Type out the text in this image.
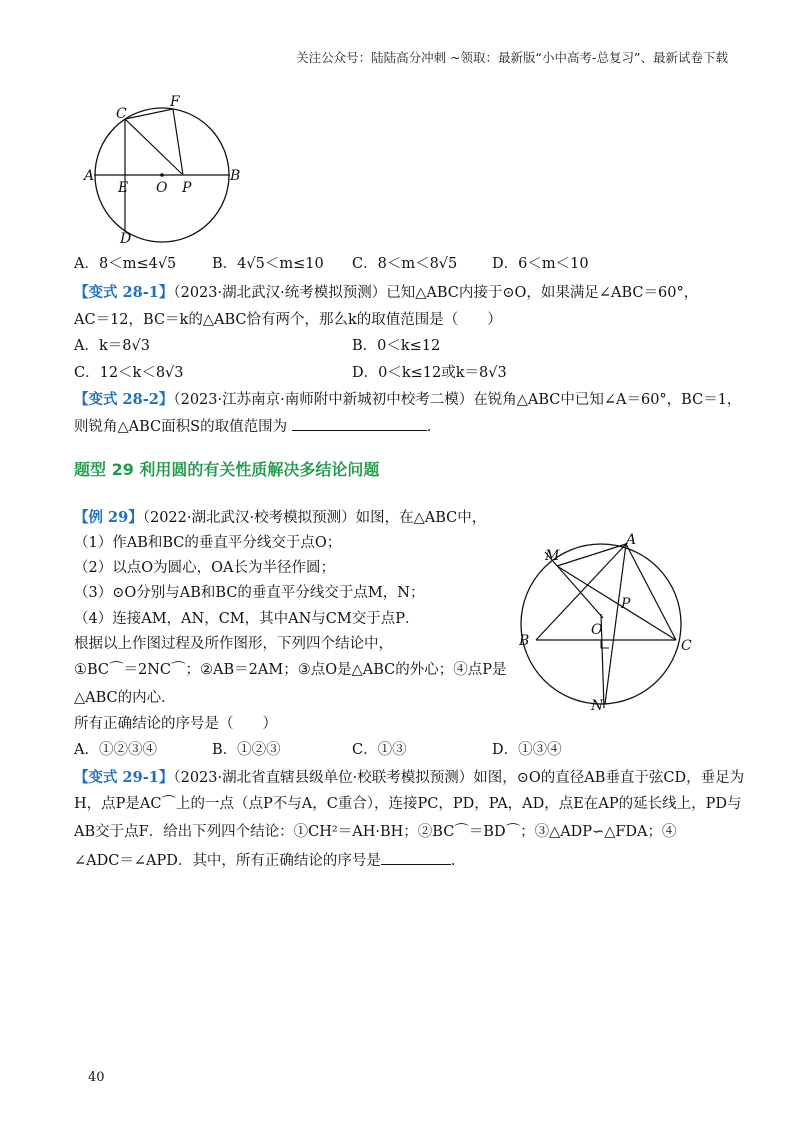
关注公众号：陆陆高分冲刺 ~领取：最新版“小中高考-总复习”、最新试卷下载
C
F
A
E O P
B
D
A．8＜m≤4√5 B．4√5＜m≤10 C．8＜m＜8√5 D．6＜m＜10
【变式 28-1】（2023·湖北武汉·统考模拟预测）已知△ABC内接于⊙O，如果满足∠ABC＝60°，
AC＝12，BC＝k的△ABC恰有两个，那么k的取值范围是（　　）
A．k＝8√3	B．0＜k≤12
C．12＜k＜8√3	D．0＜k≤12或k＝8√3
【变式 28-2】（2023·江苏南京·南师附中新城初中校考二模）在锐角△ABC中已知∠A＝60°，BC＝1，
则锐角△ABC面积S的取值范围为	.
题型 29 利用圆的有关性质解决多结论问题
【例 29】（2022·湖北武汉·校考模拟预测）如图，在△ABC中，
（1）作AB和BC的垂直平分线交于点O；
（2）以点O为圆心，OA长为半径作圆；
（3）⊙O分别与AB和BC的垂直平分线交于点M，N；
（4）连接AM，AN，CM，其中AN与CM交于点P．
根据以上作图过程及所作图形，下列四个结论中，
①BC⌒＝2NC⌒；②AB＝2AM；③点O是△ABC的外心；④点P是
△ABC的内心．
所有正确结论的序号是（　　）
A．①②③④	B．①②③	C．①③	D．①③④
M
A
P
O
B	C
N
【变式 29-1】（2023·湖北省直辖县级单位·校联考模拟预测）如图，⊙O的直径AB垂直于弦CD，垂足为
H，点P是AC⌒上的一点（点P不与A，C重合），连接PC，PD，PA，AD，点E在AP的延长线上，PD与
AB交于点F．给出下列四个结论：①CH²＝AH·BH；②BC⌒＝BD⌒；③△ADP∽△FDA；④
∠ADC＝∠APD．其中，所有正确结论的序号是	.
40
